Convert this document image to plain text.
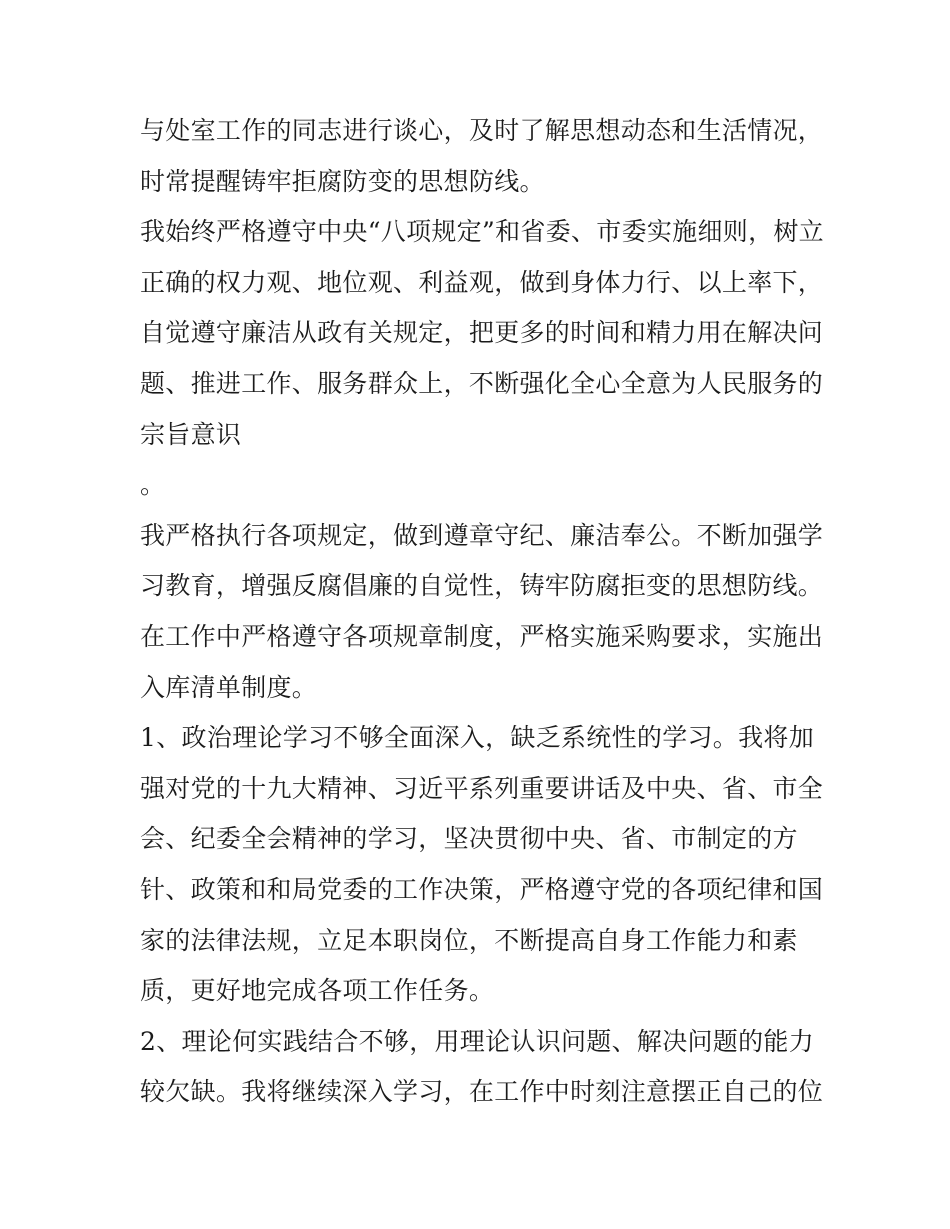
与处室工作的同志进行谈心，及时了解思想动态和生活情况，
时常提醒铸牢拒腐防变的思想防线。
我始终严格遵守中央“八项规定”和省委、市委实施细则，树立
正确的权力观、地位观、利益观，做到身体力行、以上率下，
自觉遵守廉洁从政有关规定，把更多的时间和精力用在解决问
题、推进工作、服务群众上，不断强化全心全意为人民服务的
宗旨意识
。
我严格执行各项规定，做到遵章守纪、廉洁奉公。不断加强学
习教育，增强反腐倡廉的自觉性，铸牢防腐拒变的思想防线。
在工作中严格遵守各项规章制度，严格实施采购要求，实施出
入库清单制度。
1、政治理论学习不够全面深入，缺乏系统性的学习。我将加
强对党的十九大精神、习近平系列重要讲话及中央、省、市全
会、纪委全会精神的学习，坚决贯彻中央、省、市制定的方
针、政策和和局党委的工作决策，严格遵守党的各项纪律和国
家的法律法规，立足本职岗位，不断提高自身工作能力和素
质，更好地完成各项工作任务。
2、理论何实践结合不够，用理论认识问题、解决问题的能力
较欠缺。我将继续深入学习，在工作中时刻注意摆正自己的位
